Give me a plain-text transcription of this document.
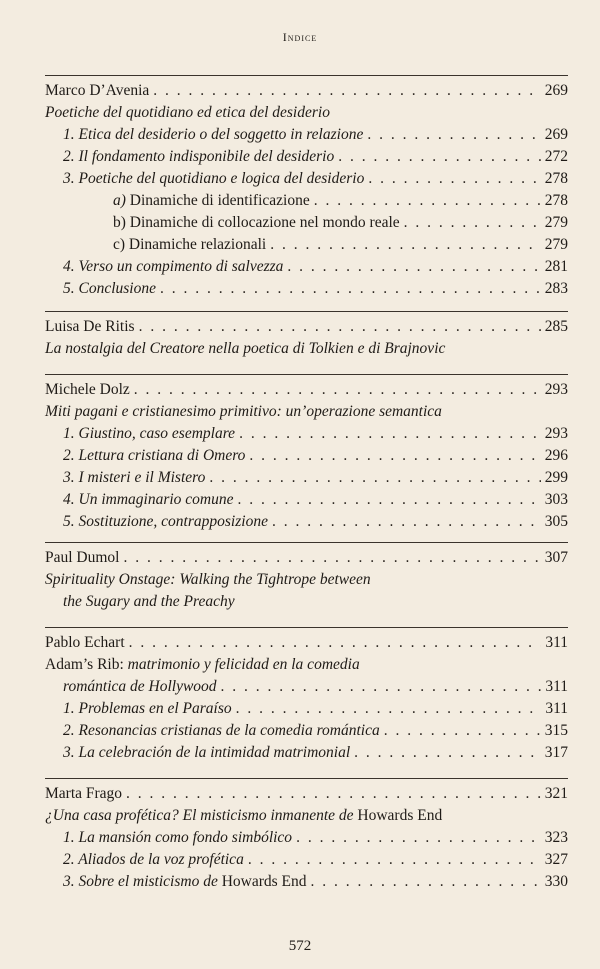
Indice
Marco D’Avenia . . .	269
Poetiche del quotidiano ed etica del desiderio
1. Etica del desiderio o del soggetto in relazione . . .	269
2. Il fondamento indisponibile del desiderio . . .	272
3. Poetiche del quotidiano e logica del desiderio . . .	278
a) Dinamiche di identificazione . . .	278
b) Dinamiche di collocazione nel mondo reale . . .	279
c) Dinamiche relazionali . . .	279
4. Verso un compimento di salvezza . . .	281
5. Conclusione . . .	283
Luisa De Ritis . . .	285
La nostalgia del Creatore nella poetica di Tolkien e di Brajnovic
Michele Dolz . . .	293
Miti pagani e cristianesimo primitivo: un’operazione semantica
1. Giustino, caso esemplare . . .	293
2. Lettura cristiana di Omero . . .	296
3. I misteri e il Mistero . . .	299
4. Un immaginario comune . . .	303
5. Sostituzione, contrapposizione . . .	305
Paul Dumol . . .	307
Spirituality Onstage: Walking the Tightrope between
the Sugary and the Preachy
Pablo Echart . . .	311
Adam’s Rib: matrimonio y felicidad en la comedia
romántica de Hollywood . . .	311
1. Problemas en el Paraíso . . .	311
2. Resonancias cristianas de la comedia romántica . . .	315
3. La celebración de la intimidad matrimonial . . .	317
Marta Frago . . .	321
¿Una casa profética? El misticismo inmanente de Howards End
1. La mansión como fondo simbólico . . .	323
2. Aliados de la voz profética . . .	327
3. Sobre el misticismo de Howards End . . .	330
572
